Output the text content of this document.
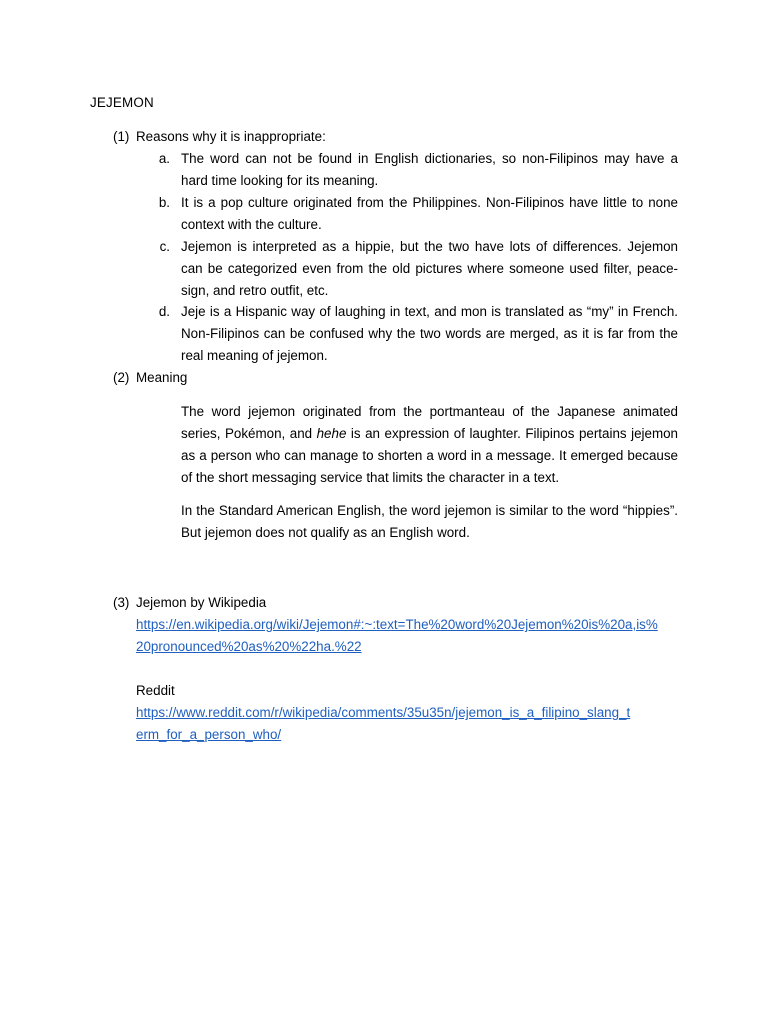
JEJEMON
(1) Reasons why it is inappropriate:
a. The word can not be found in English dictionaries, so non-Filipinos may have a hard time looking for its meaning.
b. It is a pop culture originated from the Philippines. Non-Filipinos have little to none context with the culture.
c. Jejemon is interpreted as a hippie, but the two have lots of differences. Jejemon can be categorized even from the old pictures where someone used filter, peace-sign, and retro outfit, etc.
d. Jeje is a Hispanic way of laughing in text, and mon is translated as “my” in French. Non-Filipinos can be confused why the two words are merged, as it is far from the real meaning of jejemon.
(2) Meaning
The word jejemon originated from the portmanteau of the Japanese animated series, Pokémon, and hehe is an expression of laughter. Filipinos pertains jejemon as a person who can manage to shorten a word in a message. It emerged because of the short messaging service that limits the character in a text.
In the Standard American English, the word jejemon is similar to the word “hippies”. But jejemon does not qualify as an English word.
(3) Jejemon by Wikipedia
https://en.wikipedia.org/wiki/Jejemon#:~:text=The%20word%20Jejemon%20is%20a,is%
20pronounced%20as%20%22ha.%22
Reddit
https://www.reddit.com/r/wikipedia/comments/35u35n/jejemon_is_a_filipino_slang_t
erm_for_a_person_who/
